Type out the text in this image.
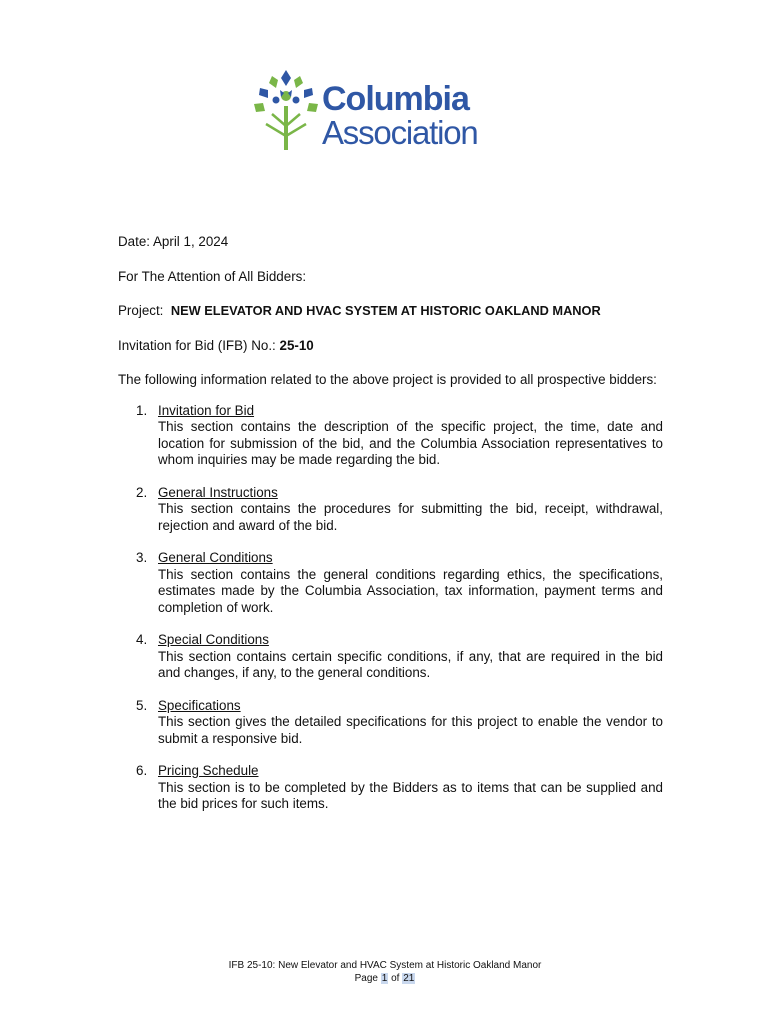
Columbia
Association

Date: April 1, 2024

For The Attention of All Bidders:

Project: NEW ELEVATOR AND HVAC SYSTEM AT HISTORIC OAKLAND MANOR

Invitation for Bid (IFB) No.: 25-10

The following information related to the above project is provided to all prospective bidders:

1. Invitation for Bid
This section contains the description of the specific project, the time, date and location for submission of the bid, and the Columbia Association representatives to whom inquiries may be made regarding the bid.
2. General Instructions
This section contains the procedures for submitting the bid, receipt, withdrawal, rejection and award of the bid.
3. General Conditions
This section contains the general conditions regarding ethics, the specifications, estimates made by the Columbia Association, tax information, payment terms and completion of work.
4. Special Conditions
This section contains certain specific conditions, if any, that are required in the bid and changes, if any, to the general conditions.
5. Specifications
This section gives the detailed specifications for this project to enable the vendor to submit a responsive bid.
6. Pricing Schedule
This section is to be completed by the Bidders as to items that can be supplied and the bid prices for such items.
IFB 25-10: New Elevator and HVAC System at Historic Oakland Manor
Page 1 of 21
